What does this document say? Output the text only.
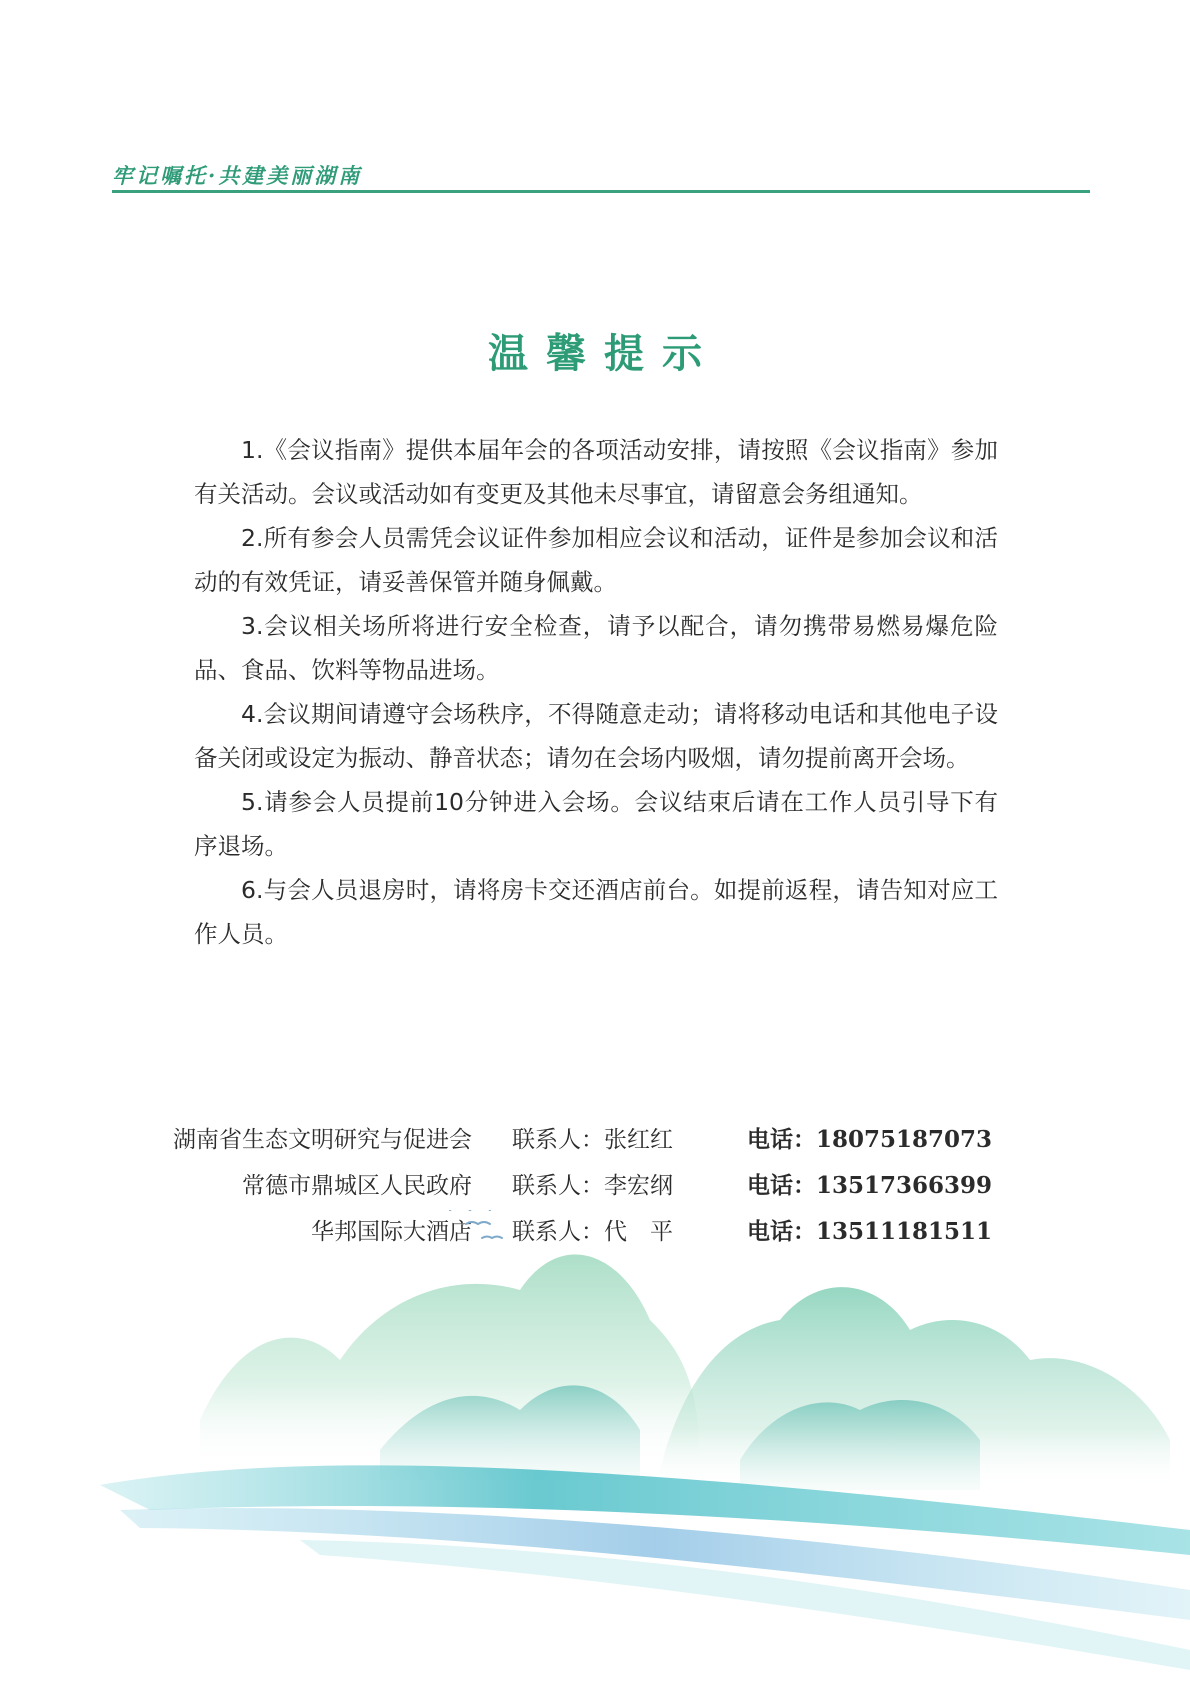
牢记嘱托·共建美丽湖南
温馨提示

1.《会议指南》提供本届年会的各项活动安排，请按照《会议指南》参加有关活动。会议或活动如有变更及其他未尽事宜，请留意会务组通知。

2.所有参会人员需凭会议证件参加相应会议和活动，证件是参加会议和活动的有效凭证，请妥善保管并随身佩戴。

3.会议相关场所将进行安全检查，请予以配合，请勿携带易燃易爆危险品、食品、饮料等物品进场。

4.会议期间请遵守会场秩序，不得随意走动；请将移动电话和其他电子设备关闭或设定为振动、静音状态；请勿在会场内吸烟，请勿提前离开会场。

5.请参会人员提前10分钟进入会场。会议结束后请在工作人员引导下有序退场。

6.与会人员退房时，请将房卡交还酒店前台。如提前返程，请告知对应工作人员。

湖南省生态文明研究与促进会	联系人：张红红	电话：18075187073
常德市鼎城区人民政府	联系人：李宏纲	电话：13517366399
华邦国际大酒店	联系人：代　平	电话：13511181511
